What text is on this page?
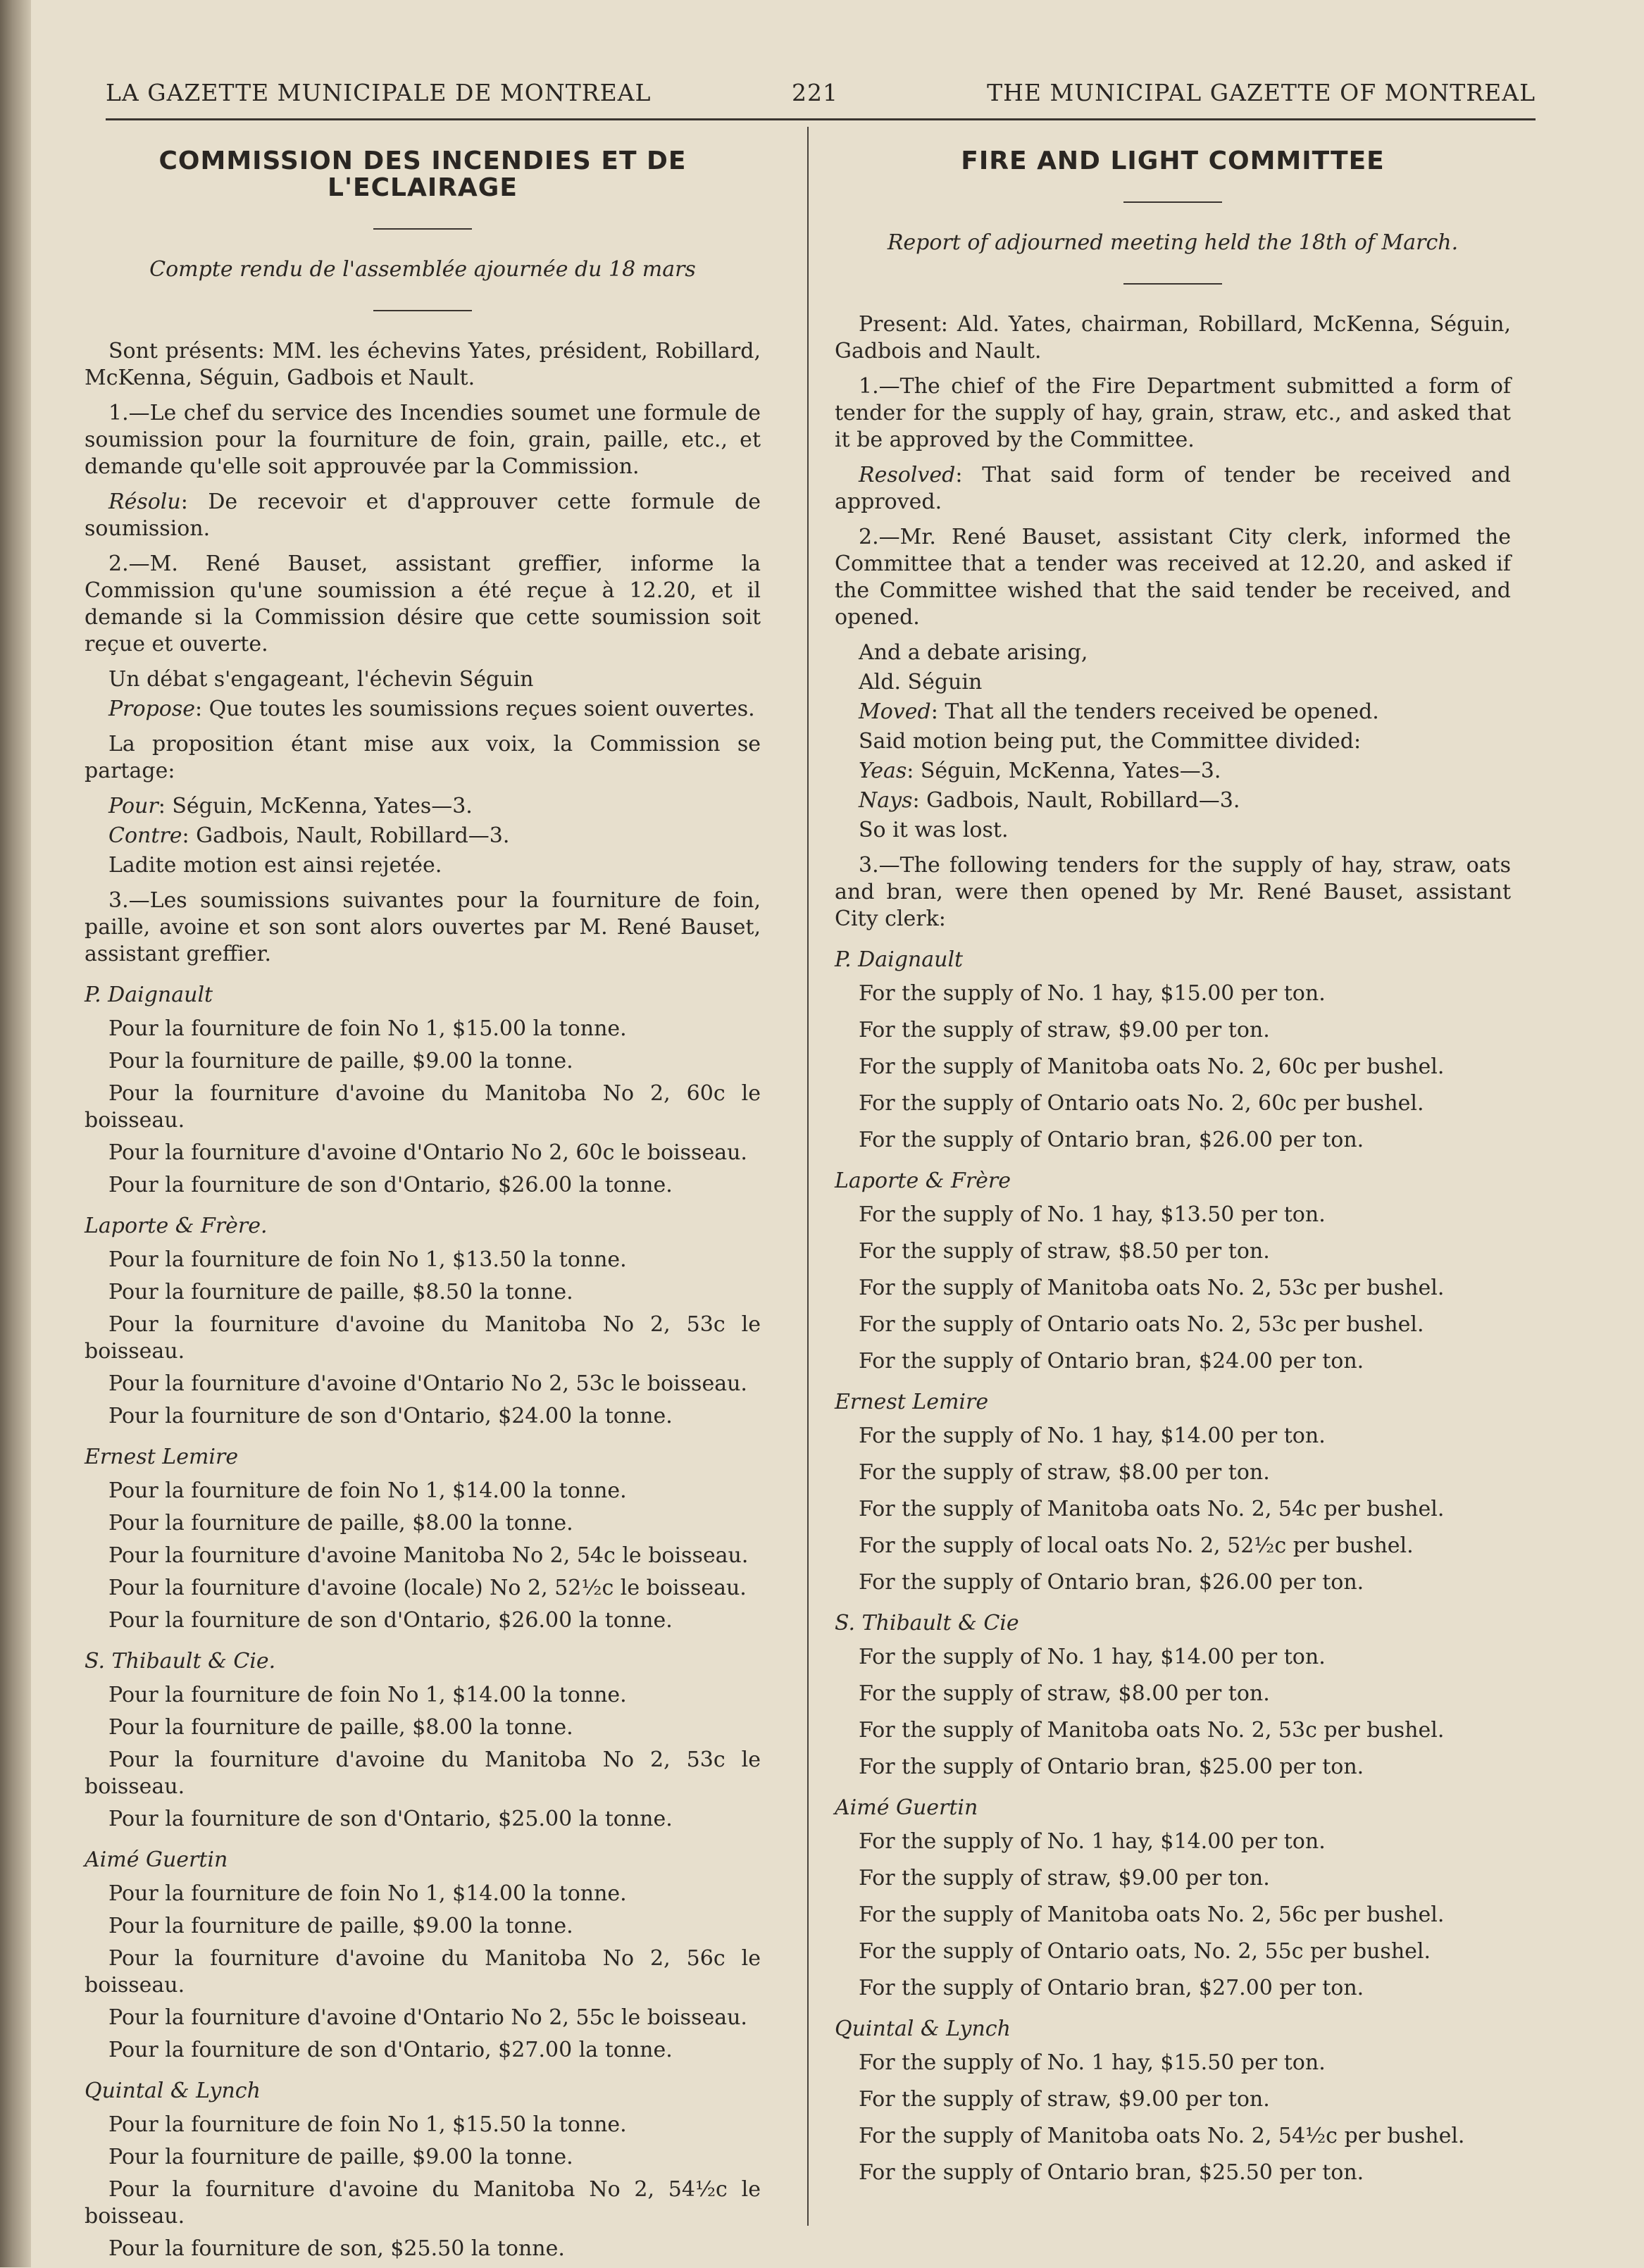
LA GAZETTE MUNICIPALE DE MONTREAL	221	THE MUNICIPAL GAZETTE OF MONTREAL
COMMISSION DES INCENDIES ET DE L'ECLAIRAGE
Compte rendu de l'assemblée ajournée du 18 mars

Sont présents: MM. les échevins Yates, président, Robillard, McKenna, Séguin, Gadbois et Nault.

1.—Le chef du service des Incendies soumet une formule de soumission pour la fourniture de foin, grain, paille, etc., et demande qu'elle soit approuvée par la Commission.

Résolu: De recevoir et d'approuver cette formule de soumission.

2.—M. René Bauset, assistant greffier, informe la Commission qu'une soumission a été reçue à 12.20, et il demande si la Commission désire que cette soumission soit reçue et ouverte.

Un débat s'engageant, l'échevin Séguin

Propose: Que toutes les soumissions reçues soient ouvertes.

La proposition étant mise aux voix, la Commission se partage:

Pour: Séguin, McKenna, Yates—3.

Contre: Gadbois, Nault, Robillard—3.

Ladite motion est ainsi rejetée.

3.—Les soumissions suivantes pour la fourniture de foin, paille, avoine et son sont alors ouvertes par M. René Bauset, assistant greffier.

P. Daignault

Pour la fourniture de foin No 1, $15.00 la tonne.

Pour la fourniture de paille, $9.00 la tonne.

Pour la fourniture d'avoine du Manitoba No 2, 60c le boisseau.

Pour la fourniture d'avoine d'Ontario No 2, 60c le boisseau.

Pour la fourniture de son d'Ontario, $26.00 la tonne.

Laporte & Frère.

Pour la fourniture de foin No 1, $13.50 la tonne.

Pour la fourniture de paille, $8.50 la tonne.

Pour la fourniture d'avoine du Manitoba No 2, 53c le boisseau.

Pour la fourniture d'avoine d'Ontario No 2, 53c le boisseau.

Pour la fourniture de son d'Ontario, $24.00 la tonne.

Ernest Lemire

Pour la fourniture de foin No 1, $14.00 la tonne.

Pour la fourniture de paille, $8.00 la tonne.

Pour la fourniture d'avoine Manitoba No 2, 54c le boisseau.

Pour la fourniture d'avoine (locale) No 2, 52½c le boisseau.

Pour la fourniture de son d'Ontario, $26.00 la tonne.

S. Thibault & Cie.

Pour la fourniture de foin No 1, $14.00 la tonne.

Pour la fourniture de paille, $8.00 la tonne.

Pour la fourniture d'avoine du Manitoba No 2, 53c le boisseau.

Pour la fourniture de son d'Ontario, $25.00 la tonne.

Aimé Guertin

Pour la fourniture de foin No 1, $14.00 la tonne.

Pour la fourniture de paille, $9.00 la tonne.

Pour la fourniture d'avoine du Manitoba No 2, 56c le boisseau.

Pour la fourniture d'avoine d'Ontario No 2, 55c le boisseau.

Pour la fourniture de son d'Ontario, $27.00 la tonne.

Quintal & Lynch

Pour la fourniture de foin No 1, $15.50 la tonne.

Pour la fourniture de paille, $9.00 la tonne.

Pour la fourniture d'avoine du Manitoba No 2, 54½c le boisseau.

Pour la fourniture de son, $25.50 la tonne.

FIRE AND LIGHT COMMITTEE
Report of adjourned meeting held the 18th of March.

Present: Ald. Yates, chairman, Robillard, McKenna, Séguin, Gadbois and Nault.

1.—The chief of the Fire Department submitted a form of tender for the supply of hay, grain, straw, etc., and asked that it be approved by the Committee.

Resolved: That said form of tender be received and approved.

2.—Mr. René Bauset, assistant City clerk, informed the Committee that a tender was received at 12.20, and asked if the Committee wished that the said tender be received, and opened.

And a debate arising,

Ald. Séguin

Moved: That all the tenders received be opened.

Said motion being put, the Committee divided:

Yeas: Séguin, McKenna, Yates—3.

Nays: Gadbois, Nault, Robillard—3.

So it was lost.

3.—The following tenders for the supply of hay, straw, oats and bran, were then opened by Mr. René Bauset, assistant City clerk:

P. Daignault

For the supply of No. 1 hay, $15.00 per ton.

For the supply of straw, $9.00 per ton.

For the supply of Manitoba oats No. 2, 60c per bushel.

For the supply of Ontario oats No. 2, 60c per bushel.

For the supply of Ontario bran, $26.00 per ton.

Laporte & Frère

For the supply of No. 1 hay, $13.50 per ton.

For the supply of straw, $8.50 per ton.

For the supply of Manitoba oats No. 2, 53c per bushel.

For the supply of Ontario oats No. 2, 53c per bushel.

For the supply of Ontario bran, $24.00 per ton.

Ernest Lemire

For the supply of No. 1 hay, $14.00 per ton.

For the supply of straw, $8.00 per ton.

For the supply of Manitoba oats No. 2, 54c per bushel.

For the supply of local oats No. 2, 52½c per bushel.

For the supply of Ontario bran, $26.00 per ton.

S. Thibault & Cie

For the supply of No. 1 hay, $14.00 per ton.

For the supply of straw, $8.00 per ton.

For the supply of Manitoba oats No. 2, 53c per bushel.

For the supply of Ontario bran, $25.00 per ton.

Aimé Guertin

For the supply of No. 1 hay, $14.00 per ton.

For the supply of straw, $9.00 per ton.

For the supply of Manitoba oats No. 2, 56c per bushel.

For the supply of Ontario oats, No. 2, 55c per bushel.

For the supply of Ontario bran, $27.00 per ton.

Quintal & Lynch

For the supply of No. 1 hay, $15.50 per ton.

For the supply of straw, $9.00 per ton.

For the supply of Manitoba oats No. 2, 54½c per bushel.

For the supply of Ontario bran, $25.50 per ton.
